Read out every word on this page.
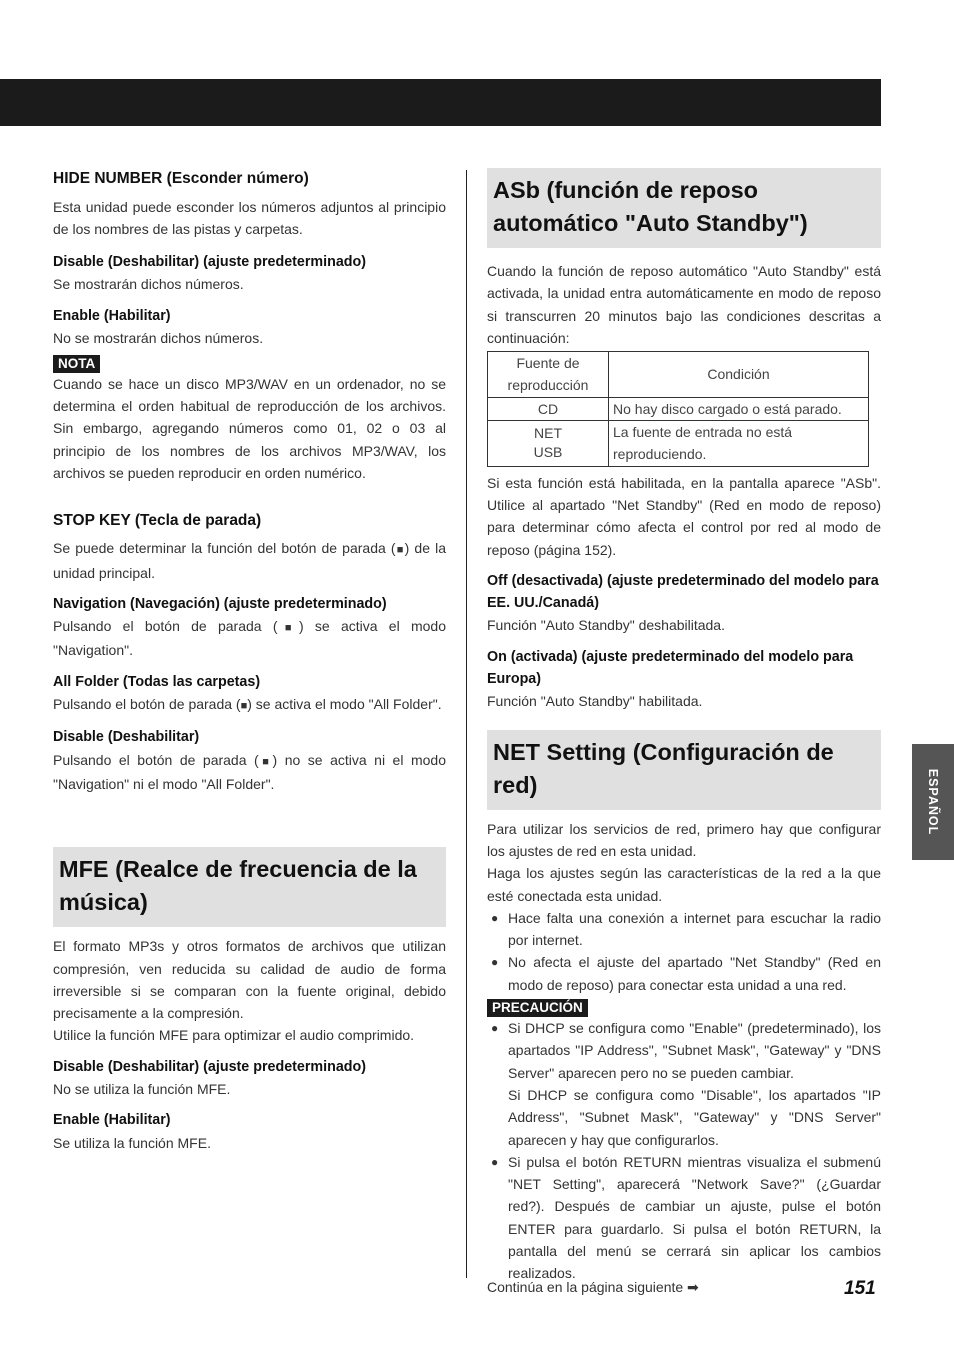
HIDE NUMBER (Esconder número)

Esta unidad puede esconder los números adjuntos al principio de los nombres de las pistas y carpetas.

Disable (Deshabilitar) (ajuste predeterminado)

Se mostrarán dichos números.

Enable (Habilitar)

No se mostrarán dichos números.

NOTA

Cuando se hace un disco MP3/WAV en un ordenador, no se determina el orden habitual de reproducción de los archivos. Sin embargo, agregando números como 01, 02 o 03 al principio de los nombres de los archivos MP3/WAV, los archivos se pueden reproducir en orden numérico.

STOP KEY (Tecla de parada)

Se puede determinar la función del botón de parada (■) de la unidad principal.

Navigation (Navegación) (ajuste predeterminado)

Pulsando el botón de parada (■) se activa el modo "Navigation".

All Folder (Todas las carpetas)

Pulsando el botón de parada (■) se activa el modo "All Folder".

Disable (Deshabilitar)

Pulsando el botón de parada (■) no se activa ni el modo "Navigation" ni el modo "All Folder".

MFE (Realce de frecuencia de la música)

El formato MP3s y otros formatos de archivos que utilizan compresión, ven reducida su calidad de audio de forma irreversible si se comparan con la fuente original, debido precisamente a la compresión.

Utilice la función MFE para optimizar el audio comprimido.

Disable (Deshabilitar) (ajuste predeterminado)

No se utiliza la función MFE.

Enable (Habilitar)

Se utiliza la función MFE.

ASb (función de reposo automático "Auto Standby")

Cuando la función de reposo automático "Auto Standby" está activada, la unidad entra automáticamente en modo de reposo si transcurren 20 minutos bajo las condiciones descritas a continuación:

Fuente de reproducción	Condición
CD	No hay disco cargado o está parado.
NET
USB	La fuente de entrada no está reproduciendo.

Si esta función está habilitada, en la pantalla aparece "ASb". Utilice al apartado "Net Standby" (Red en modo de reposo) para determinar cómo afecta el control por red al modo de reposo (página 152).

Off (desactivada) (ajuste predeterminado del modelo para EE. UU./Canadá)

Función "Auto Standby" deshabilitada.

On (activada) (ajuste predeterminado del modelo para Europa)

Función "Auto Standby" habilitada.

NET Setting (Configuración de red)

Para utilizar los servicios de red, primero hay que configurar los ajustes de red en esta unidad.

Haga los ajustes según las características de la red a la que esté conectada esta unidad.

● Hace falta una conexión a internet para escuchar la radio por internet.
● No afecta el ajuste del apartado "Net Standby" (Red en modo de reposo) para conectar esta unidad a una red.
PRECAUCIÓN
● Si DHCP se configura como "Enable" (predeterminado), los apartados "IP Address", "Subnet Mask", "Gateway" y "DNS Server" aparecen pero no se pueden cambiar.
Si DHCP se configura como "Disable", los apartados "IP Address", "Subnet Mask", "Gateway" y "DNS Server" aparecen y hay que configurarlos.
● Si pulsa el botón RETURN mientras visualiza el submenú "NET Setting", aparecerá "Network Save?" (¿Guardar red?). Después de cambiar un ajuste, pulse el botón ENTER para guardarlo. Si pulsa el botón RETURN, la pantalla del menú se cerrará sin aplicar los cambios realizados.
Continúa en la página siguiente ➡	151
ESPAÑOL
